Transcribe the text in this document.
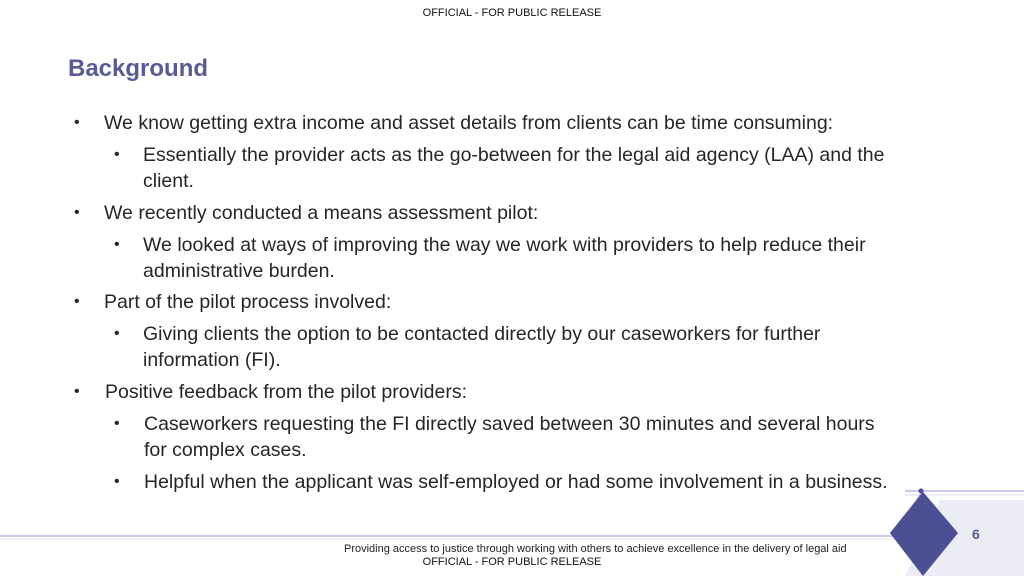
OFFICIAL - FOR PUBLIC RELEASE
Background
• We know getting extra income and asset details from clients can be time consuming:
• Essentially the provider acts as the go-between for the legal aid agency (LAA) and the
client.
• We recently conducted a means assessment pilot:
• We looked at ways of improving the way we work with providers to help reduce their
administrative burden.
• Part of the pilot process involved:
• Giving clients the option to be contacted directly by our caseworkers for further
information (FI).
• Positive feedback from the pilot providers:
• Caseworkers requesting the FI directly saved between 30 minutes and several hours
for complex cases.
• Helpful when the applicant was self-employed or had some involvement in a business.
6
Providing access to justice through working with others to achieve excellence in the delivery of legal aid
OFFICIAL - FOR PUBLIC RELEASE
